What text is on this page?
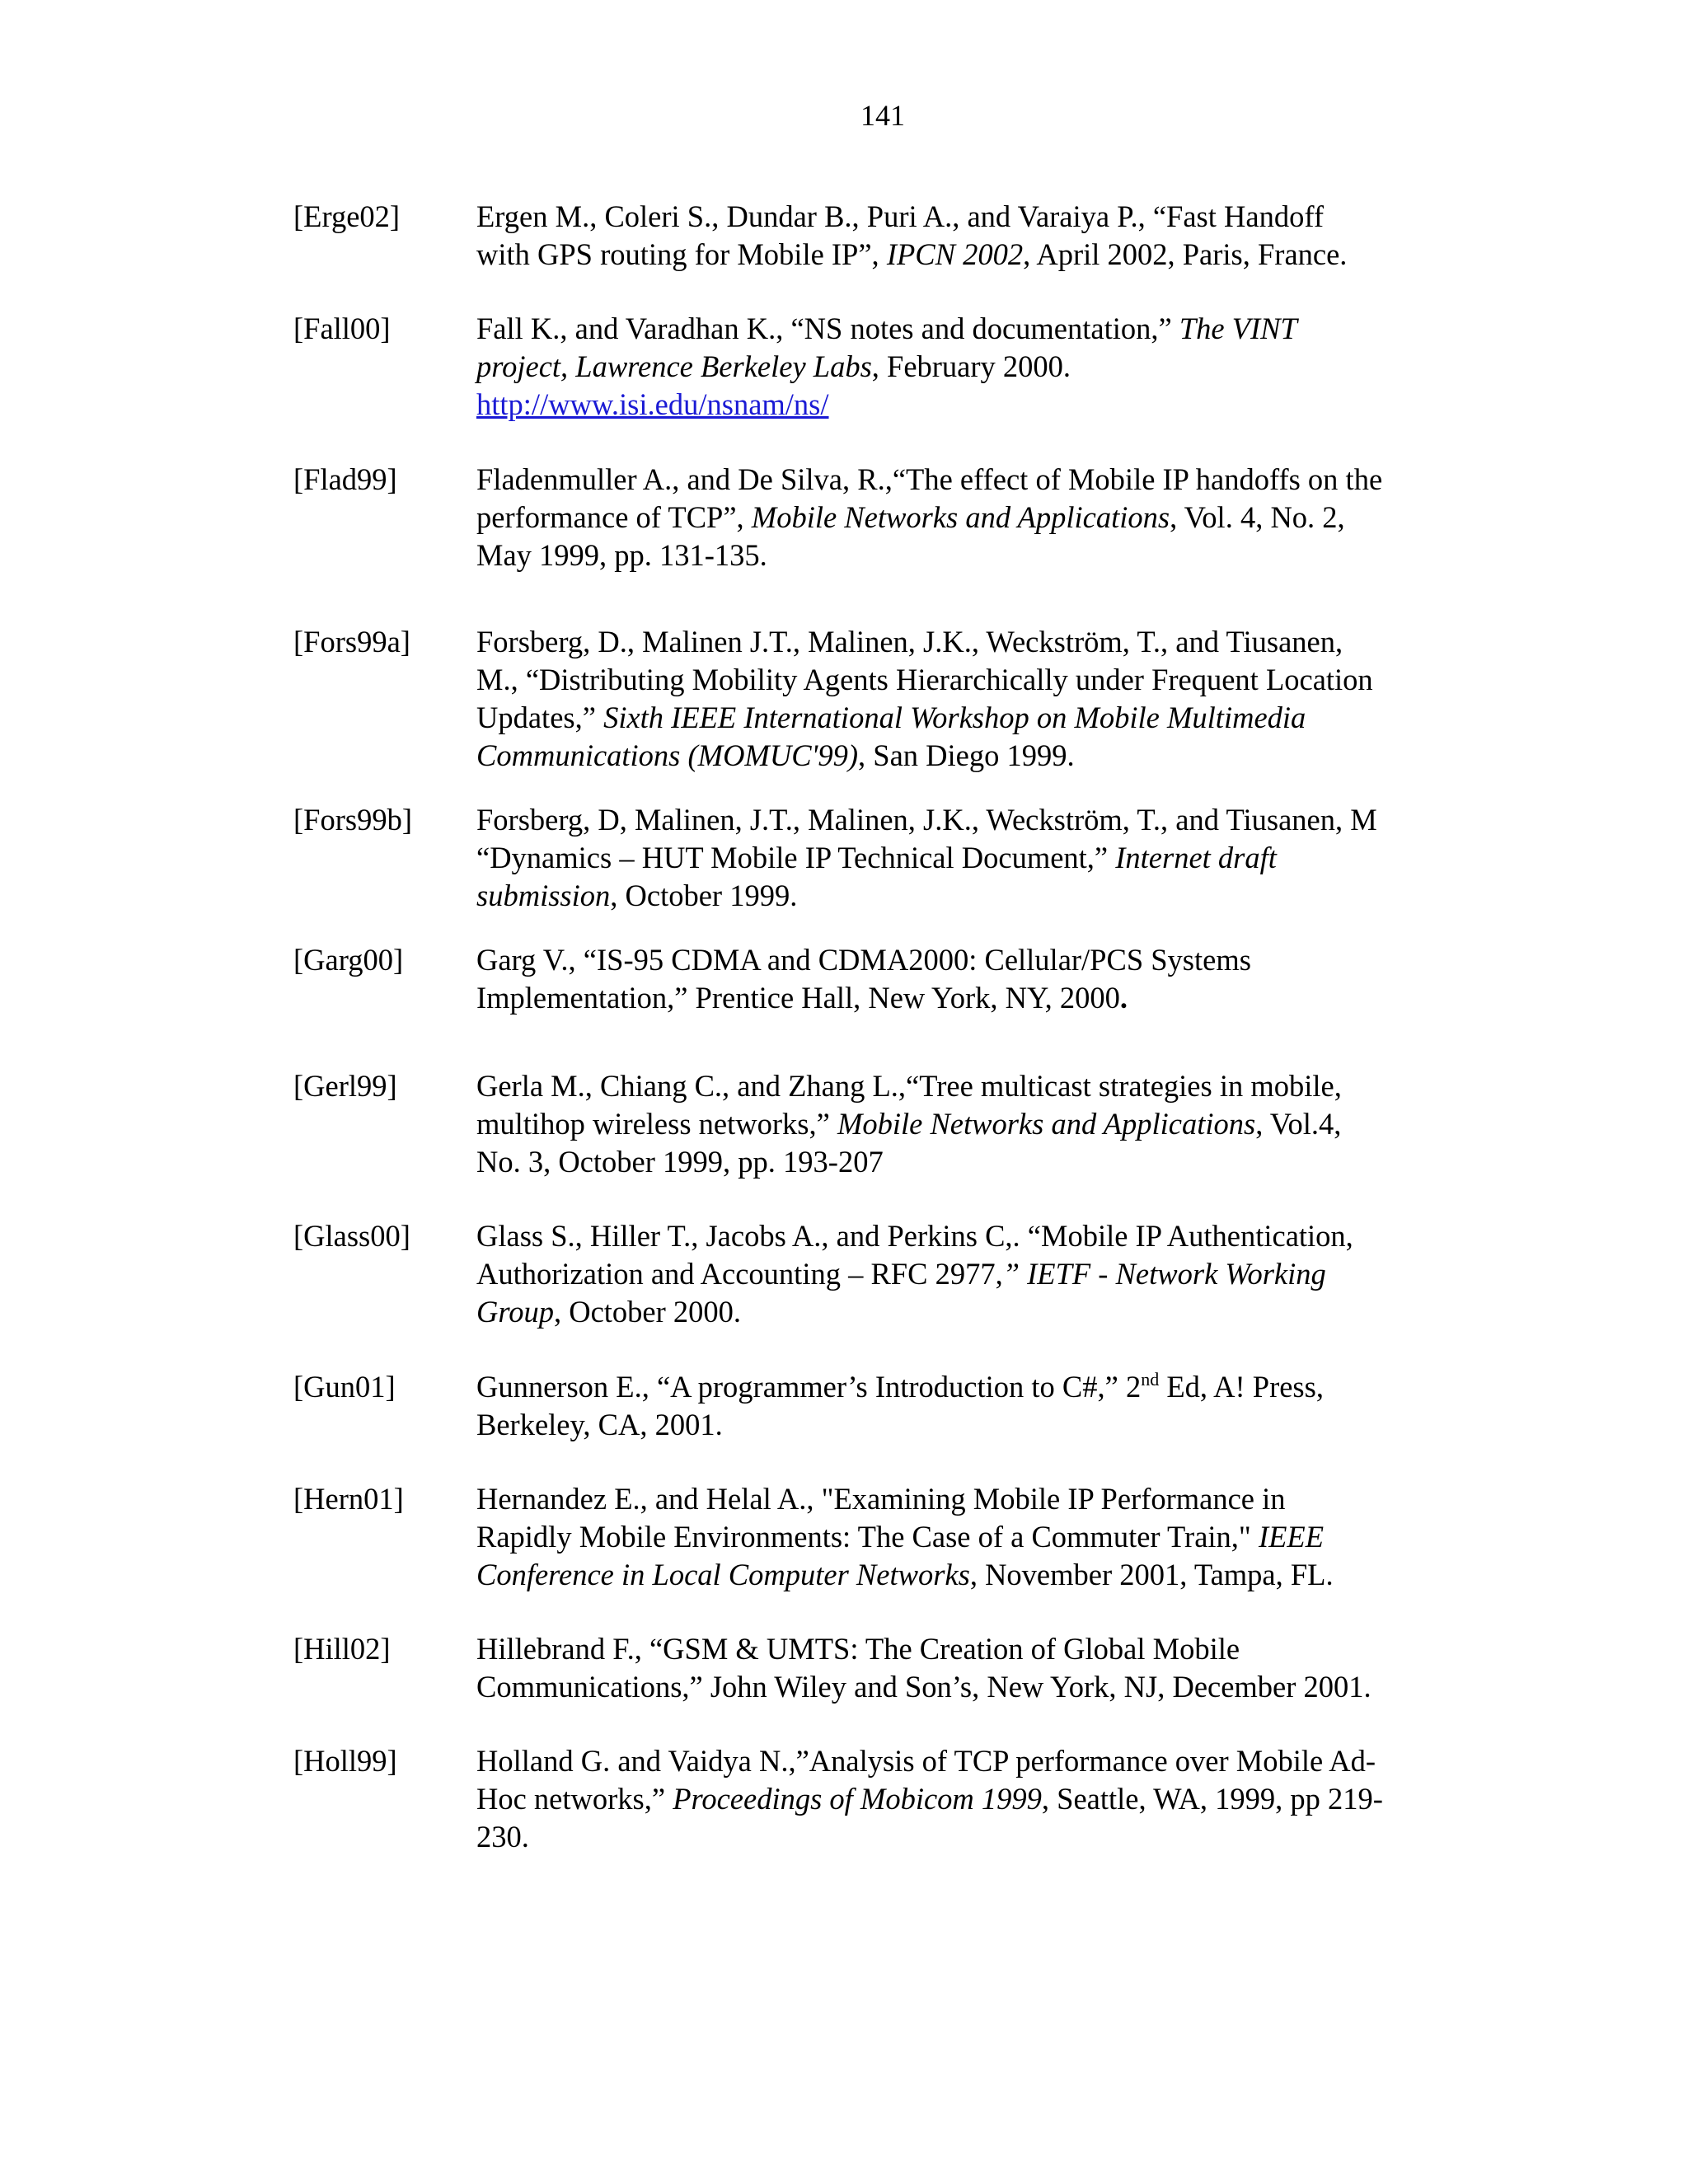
141
[Erge02]	Ergen M., Coleri S., Dundar B., Puri A., and Varaiya P., “Fast Handoff
with GPS routing for Mobile IP”, IPCN 2002, April 2002, Paris, France.
[Fall00]	Fall K., and Varadhan K., “NS notes and documentation,” The VINT
project, Lawrence Berkeley Labs, February 2000.
http://www.isi.edu/nsnam/ns/
[Flad99]	Fladenmuller A., and De Silva, R.,“The effect of Mobile IP handoffs on the
performance of TCP”, Mobile Networks and Applications, Vol. 4, No. 2,
May 1999, pp. 131-135.
[Fors99a] Forsberg, D., Malinen J.T., Malinen, J.K., Weckström, T., and Tiusanen,
M., “Distributing Mobility Agents Hierarchically under Frequent Location
Updates,” Sixth IEEE International Workshop on Mobile Multimedia
Communications (MOMUC'99), San Diego 1999.
[Fors99b] Forsberg, D, Malinen, J.T., Malinen, J.K., Weckström, T., and Tiusanen, M
“Dynamics – HUT Mobile IP Technical Document,” Internet draft
submission, October 1999.
[Garg00] Garg V., “IS-95 CDMA and CDMA2000: Cellular/PCS Systems
Implementation,” Prentice Hall, New York, NY, 2000.
[Gerl99]	Gerla M., Chiang C., and Zhang L.,“Tree multicast strategies in mobile,
multihop wireless networks,” Mobile Networks and Applications, Vol.4,
No. 3, October 1999, pp. 193-207
[Glass00] Glass S., Hiller T., Jacobs A., and Perkins C,. “Mobile IP Authentication,
Authorization and Accounting – RFC 2977,” IETF - Network Working
Group, October 2000.
[Gun01]	Gunnerson E., “A programmer’s Introduction to C#,” 2nd Ed, A! Press,
Berkeley, CA, 2001.
[Hern01] Hernandez E., and Helal A., "Examining Mobile IP Performance in
Rapidly Mobile Environments: The Case of a Commuter Train," IEEE
Conference in Local Computer Networks, November 2001, Tampa, FL.
[Hill02]	Hillebrand F., “GSM & UMTS: The Creation of Global Mobile
Communications,” John Wiley and Son’s, New York, NJ, December 2001.
[Holl99]	Holland G. and Vaidya N.,”Analysis of TCP performance over Mobile Ad-
Hoc networks,” Proceedings of Mobicom 1999, Seattle, WA, 1999, pp 219-
230.
